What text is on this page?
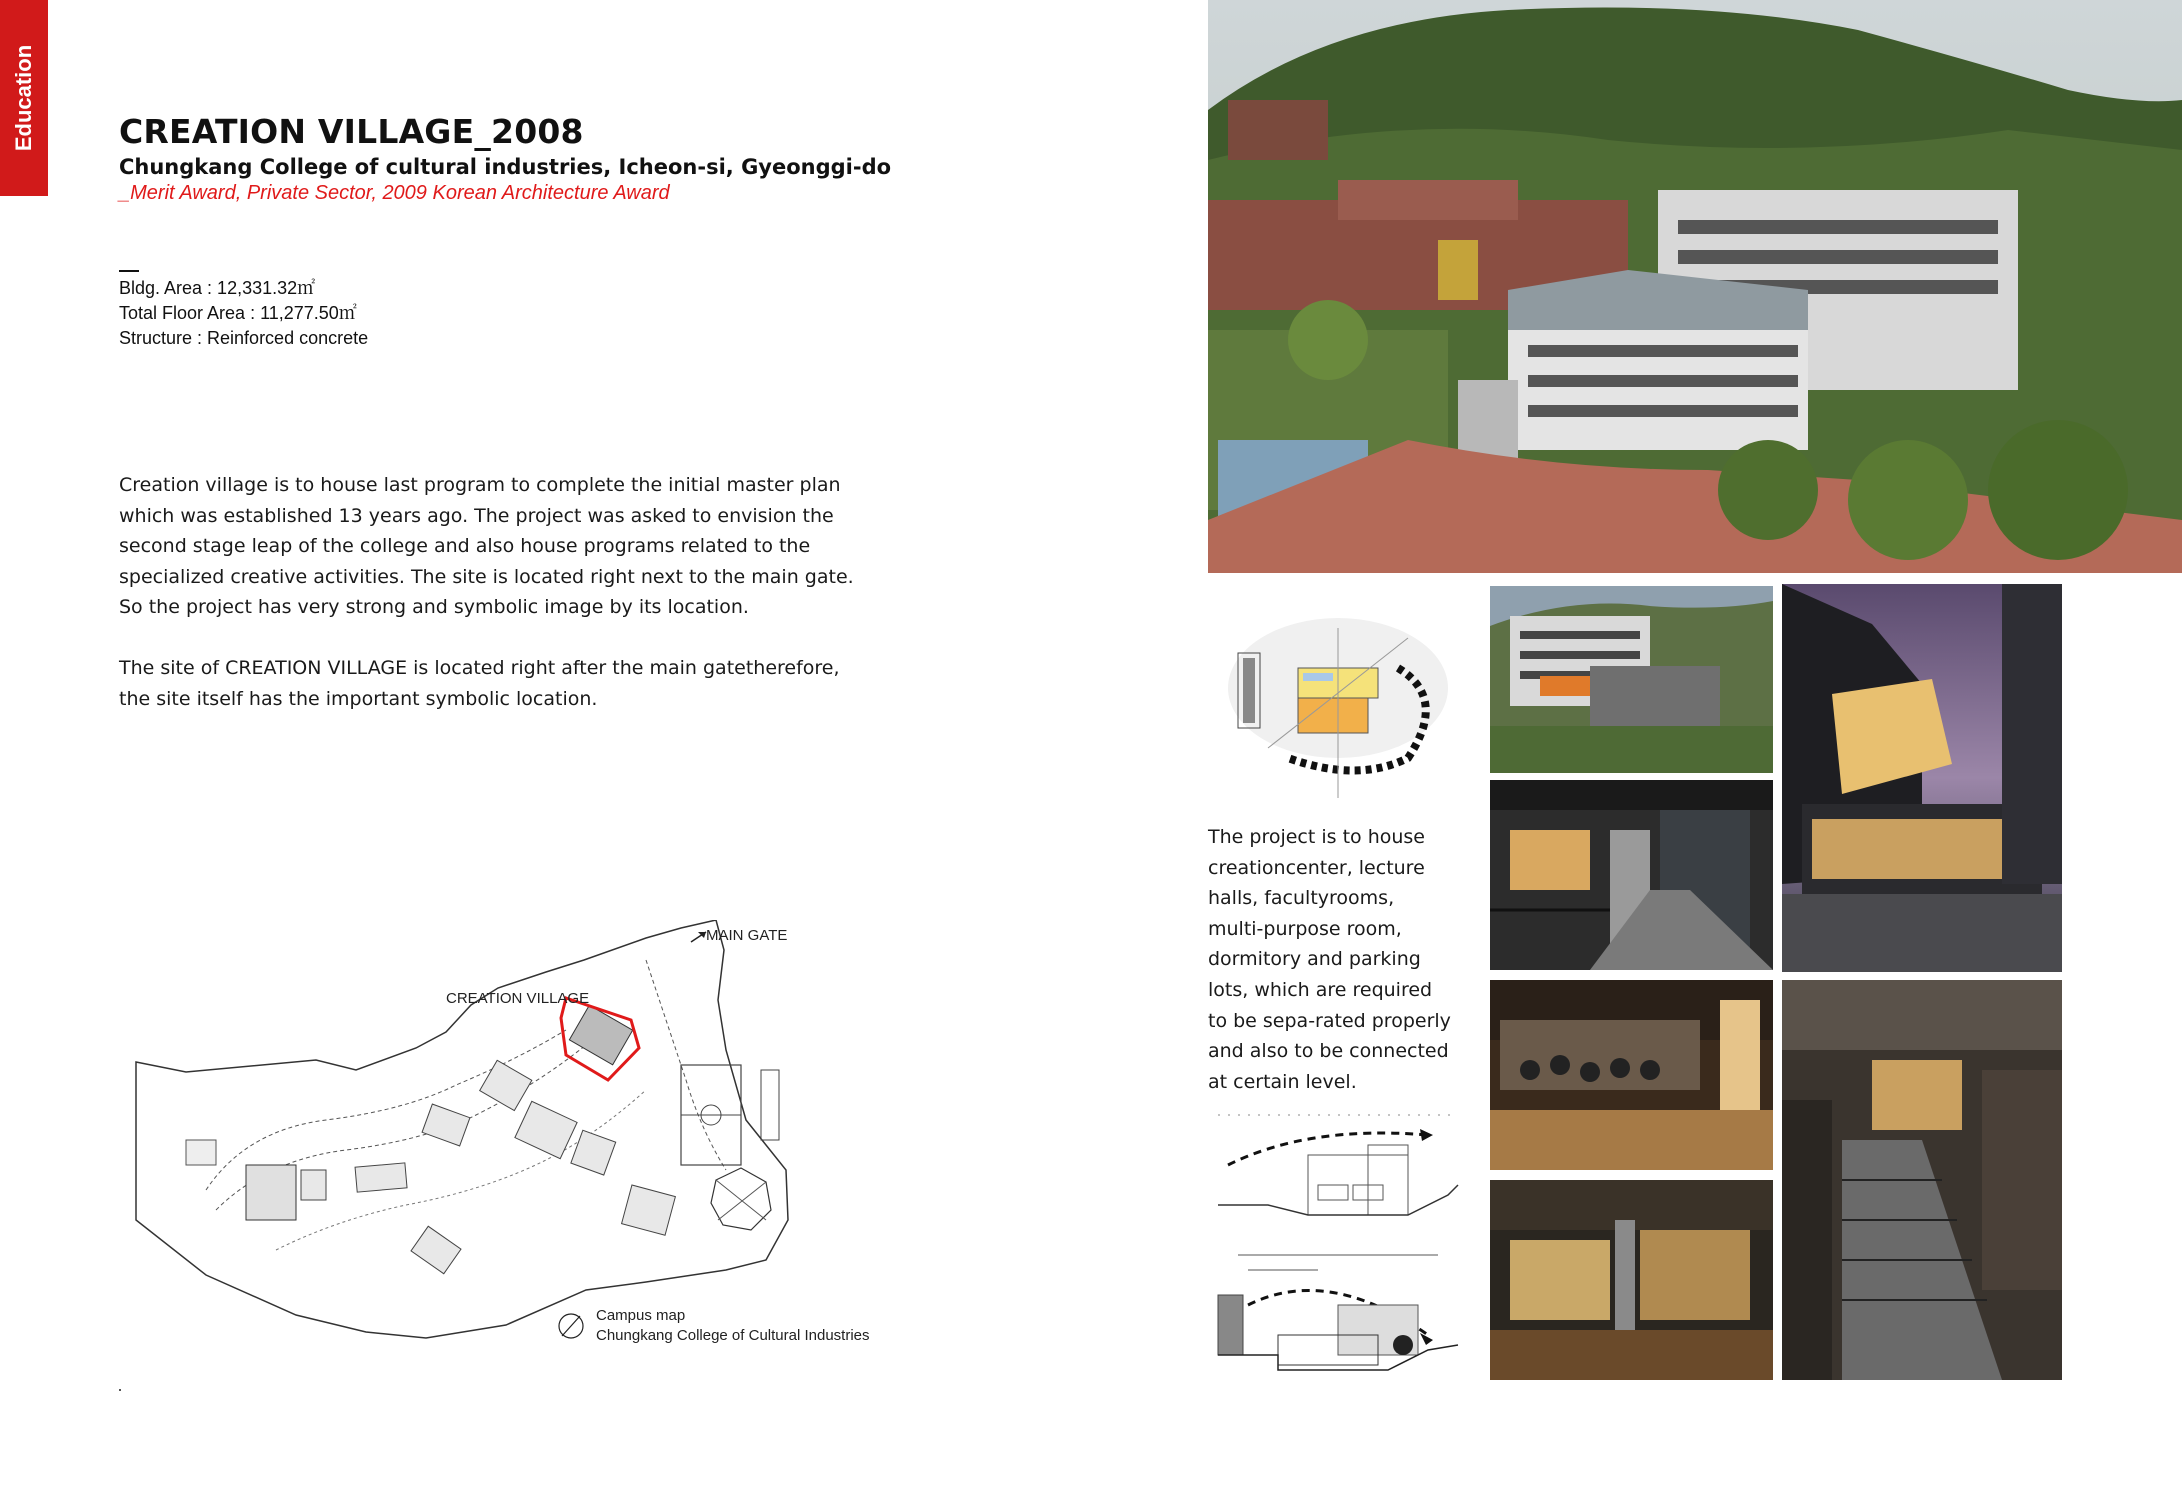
Education	CREATION VILLAGE_2008
Chungkang College of cultural industries, Icheon-si, Gyeonggi-do
_Merit Award, Private Sector, 2009 Korean Architecture Award
Bldg. Area : 12,331.32㎡
Total Floor Area : 11,277.50㎡
Structure : Reinforced concrete

Creation village is to house last program to complete the initial master plan which was established 13 years ago. The project was asked to envision the second stage leap of the college and also house programs related to the specialized creative activities. The site is located right next to the main gate. So the project has very strong and symbolic image by its location.

The site of CREATION VILLAGE is located right after the main gatetherefore, the site itself has the important symbolic location.

MAIN GATE
CREATION VILLAGE
Campus map
Chungkang College of Cultural Industries
The project is to house creationcenter, lecture halls, facultyrooms, multi-purpose room, dormitory and parking lots, which are required to be sepa-rated properly and also to be connected at certain level.
